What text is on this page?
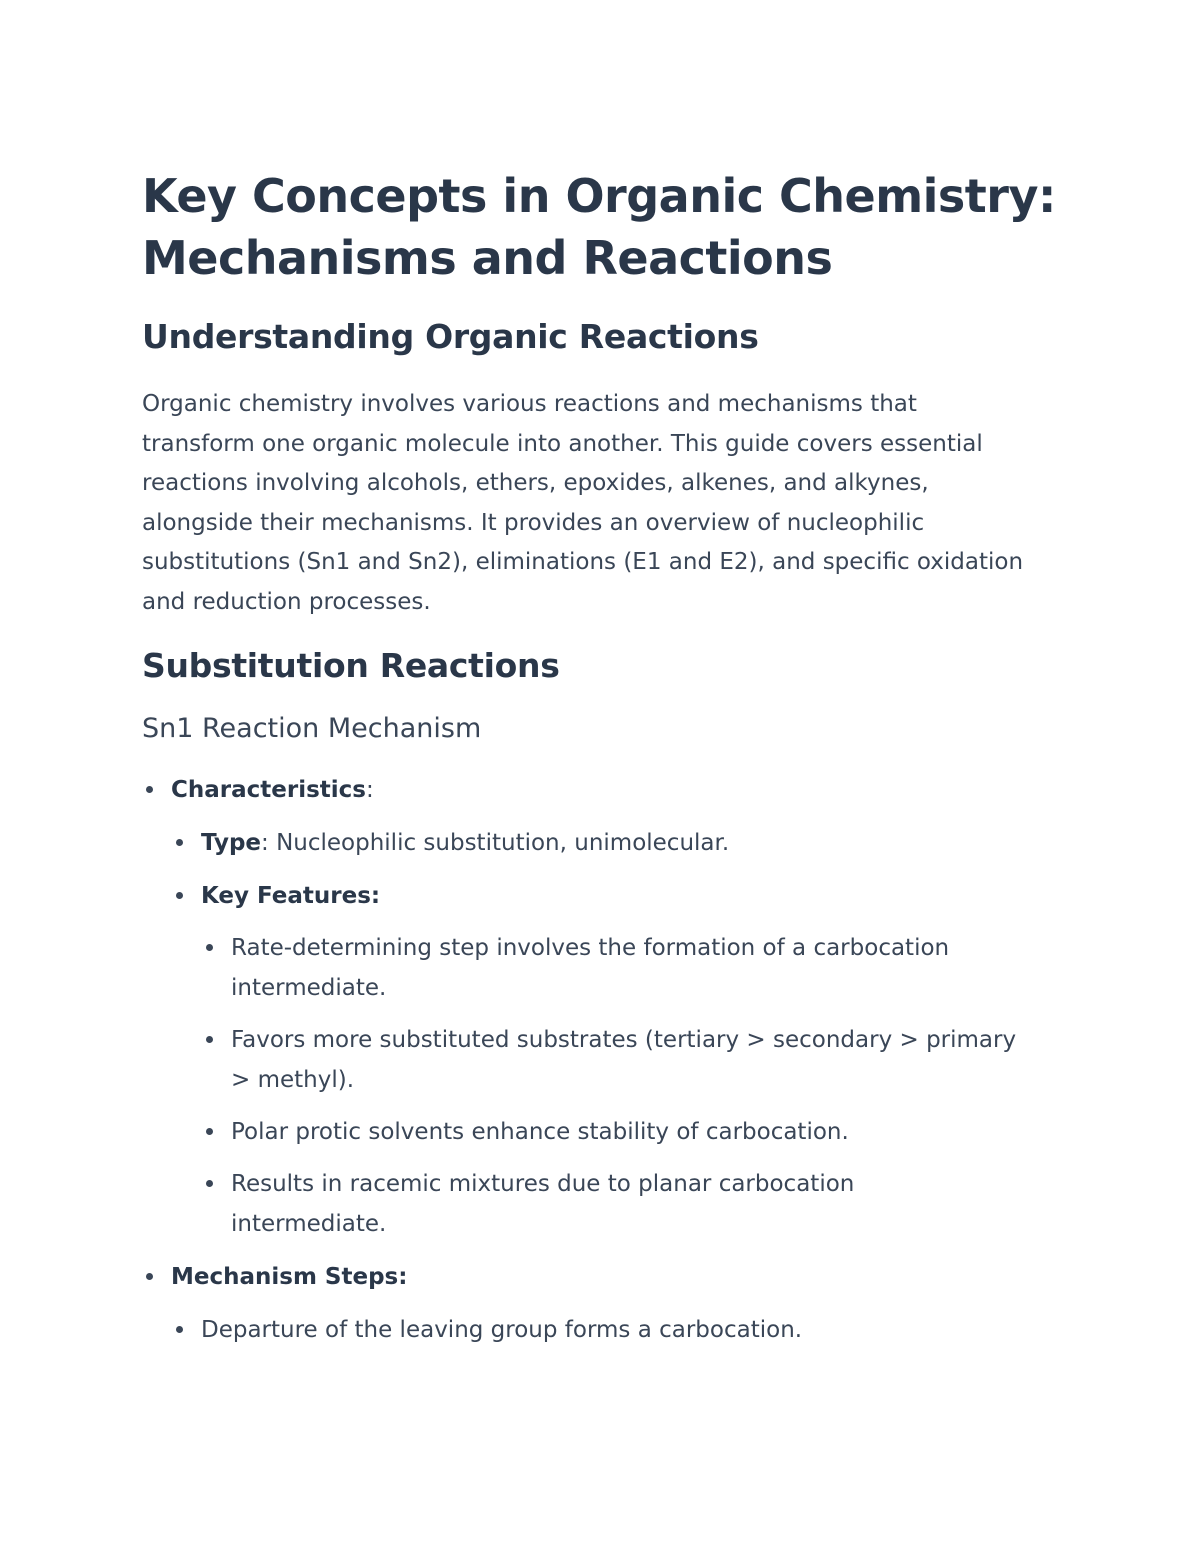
Key Concepts in Organic Chemistry:
Mechanisms and Reactions
Understanding Organic Reactions

Organic chemistry involves various reactions and mechanisms that
transform one organic molecule into another. This guide covers essential
reactions involving alcohols, ethers, epoxides, alkenes, and alkynes,
alongside their mechanisms. It provides an overview of nucleophilic
substitutions (Sn1 and Sn2), eliminations (E1 and E2), and specific oxidation
and reduction processes.

Substitution Reactions
Sn1 Reaction Mechanism
Characteristics:
Type: Nucleophilic substitution, unimolecular.
Key Features:
Rate-determining step involves the formation of a carbocation
intermediate.
Favors more substituted substrates (tertiary > secondary > primary
> methyl).
Polar protic solvents enhance stability of carbocation.
Results in racemic mixtures due to planar carbocation
intermediate.
Mechanism Steps:
Departure of the leaving group forms a carbocation.
